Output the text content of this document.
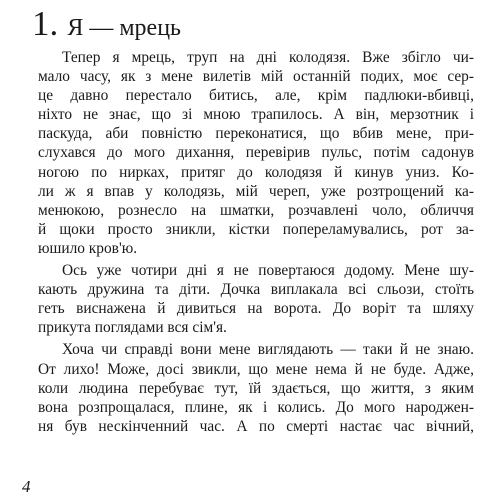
1. Я — мрець

Тепер я мрець, труп на дні колодязя. Вже збігло чи-
мало часу, як з мене вилетів мій останній подих, моє сер-
це давно перестало битись, але, крім падлюки-вбивці,
ніхто не знає, що зі мною трапилось. А він, мерзотник і
паскуда, аби повністю переконатися, що вбив мене, при-
слухався до мого дихання, перевірив пульс, потім садонув
ногою по нирках, притяг до колодязя й кинув униз. Ко-
ли ж я впав у колодязь, мій череп, уже розтрощений ка-
менюкою, рознесло на шматки, розчавлені чоло, обличчя
й щоки просто зникли, кістки попереламувались, рот за-
юшило кров'ю.

Ось уже чотири дні я не повертаюся додому. Мене шу-
кають дружина та діти. Дочка виплакала всі сльози, стоїть
геть виснажена й дивиться на ворота. До воріт та шляху
прикута поглядами вся сім'я.

Хоча чи справді вони мене виглядають — таки й не знаю.
От лихо! Може, досі звикли, що мене нема й не буде. Адже,
коли людина перебуває тут, їй здається, що життя, з яким
вона розпрощалася, плине, як і колись. До мого народжен-
ня був нескінченний час. А по смерті настає час вічний,

4
